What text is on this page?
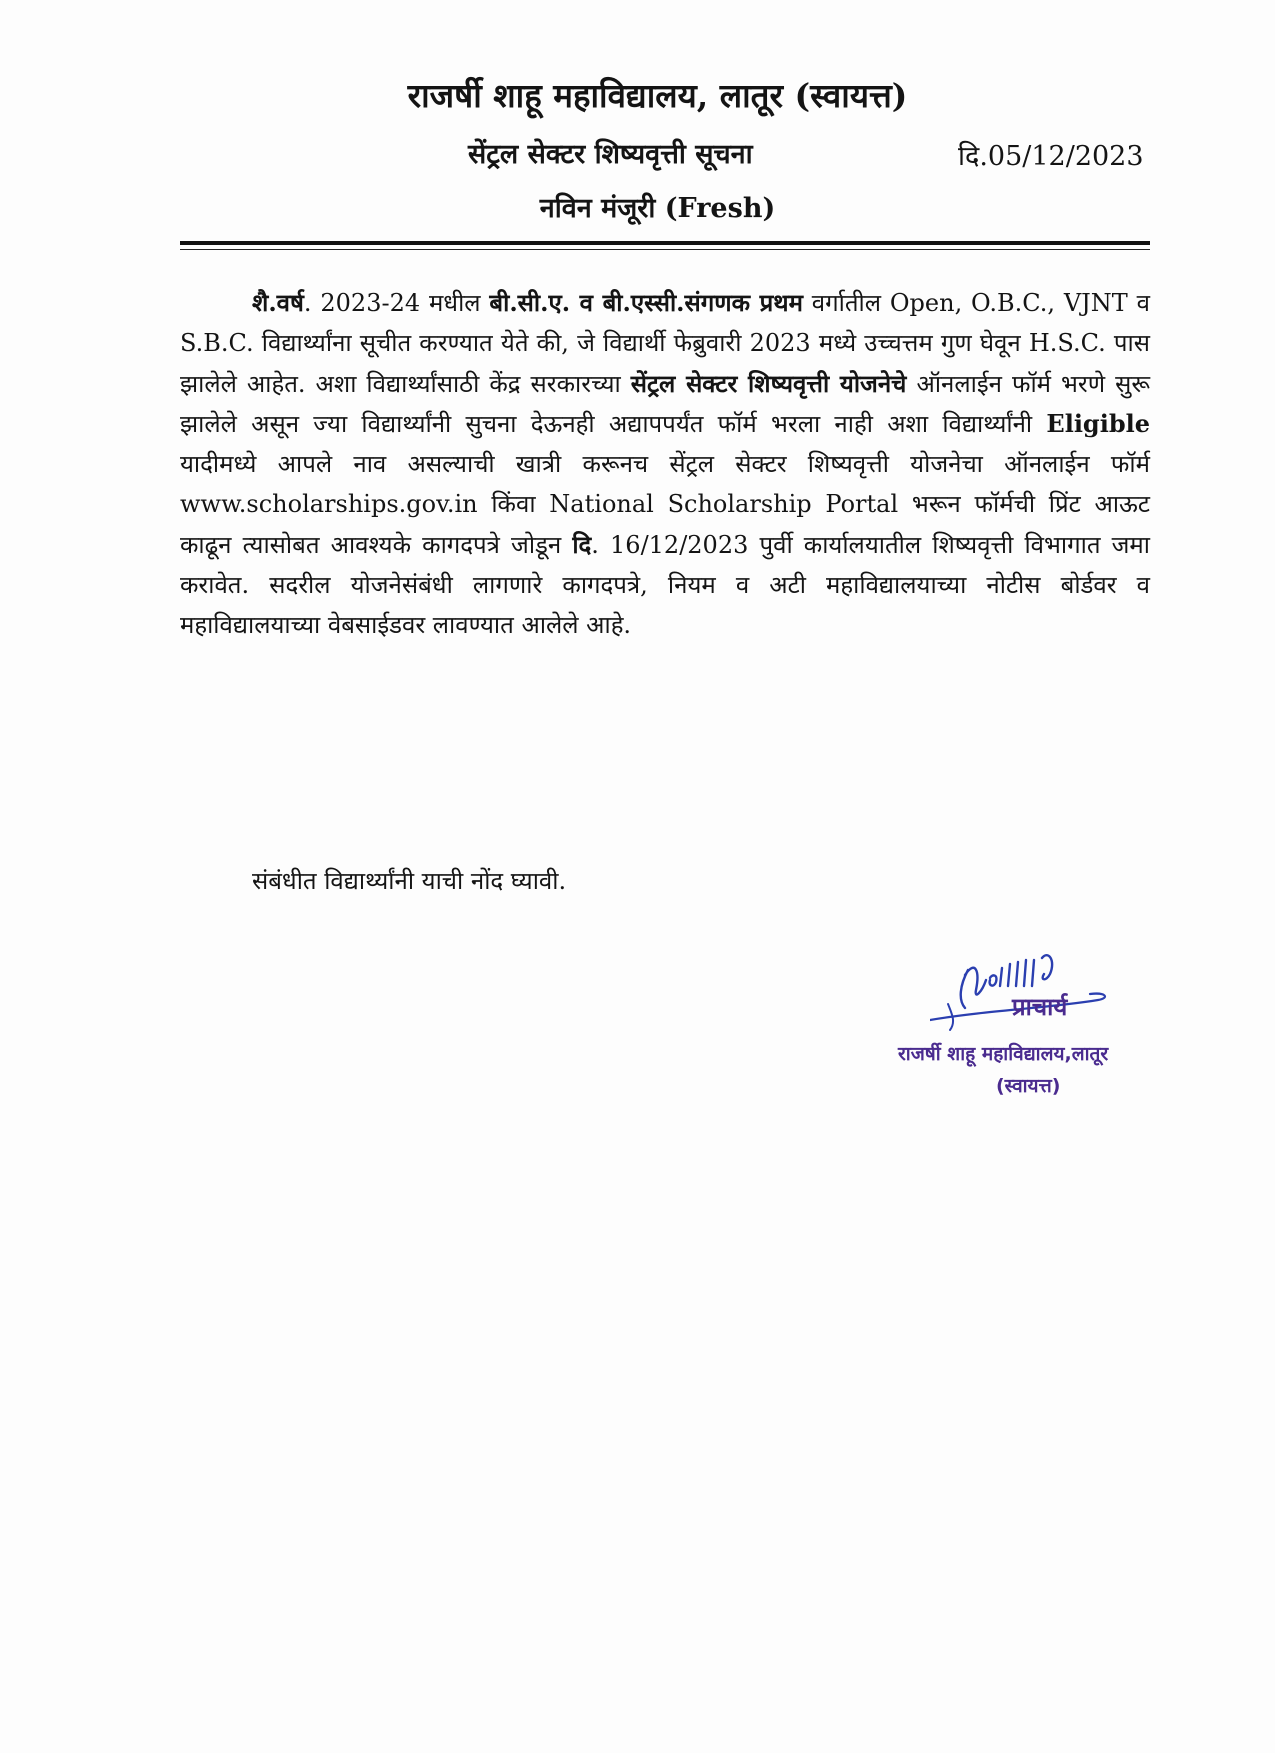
राजर्षी शाहू महाविद्यालय, लातूर (स्वायत्त)
सेंट्रल सेक्टर शिष्यवृत्ती सूचना	दि.05/12/2023
नविन मंजूरी (Fresh)

शै.वर्ष. 2023-24 मधील बी.सी.ए. व बी.एस्सी.संगणक प्रथम वर्गातील Open, O.B.C., VJNT व S.B.C. विद्यार्थ्यांना सूचीत करण्यात येते की, जे विद्यार्थी फेब्रुवारी 2023 मध्ये उच्चत्तम गुण घेवून H.S.C. पास झालेले आहेत. अशा विद्यार्थ्यांसाठी केंद्र सरकारच्या सेंट्रल सेक्टर शिष्यवृत्ती योजनेचे ऑनलाईन फॉर्म भरणे सुरू झालेले असून ज्या विद्यार्थ्यांनी सुचना देऊनही अद्यापपर्यंत फॉर्म भरला नाही अशा विद्यार्थ्यांनी Eligible यादीमध्ये आपले नाव असल्याची खात्री करूनच सेंट्रल सेक्टर शिष्यवृत्ती योजनेचा ऑनलाईन फॉर्म www.scholarships.gov.in किंवा National Scholarship Portal भरून फॉर्मची प्रिंट आऊट काढून त्यासोबत आवश्यके कागदपत्रे जोडून दि. 16/12/2023 पुर्वी कार्यालयातील शिष्यवृत्ती विभागात जमा करावेत. सदरील योजनेसंबंधी लागणारे कागदपत्रे, नियम व अटी महाविद्यालयाच्या नोटीस बोर्डवर व महाविद्यालयाच्या वेबसाईडवर लावण्यात आलेले आहे.

संबंधीत विद्यार्थ्यांनी याची नोंद घ्यावी.
प्राचार्य
राजर्षी शाहू महाविद्यालय,लातूर
(स्वायत्त)
